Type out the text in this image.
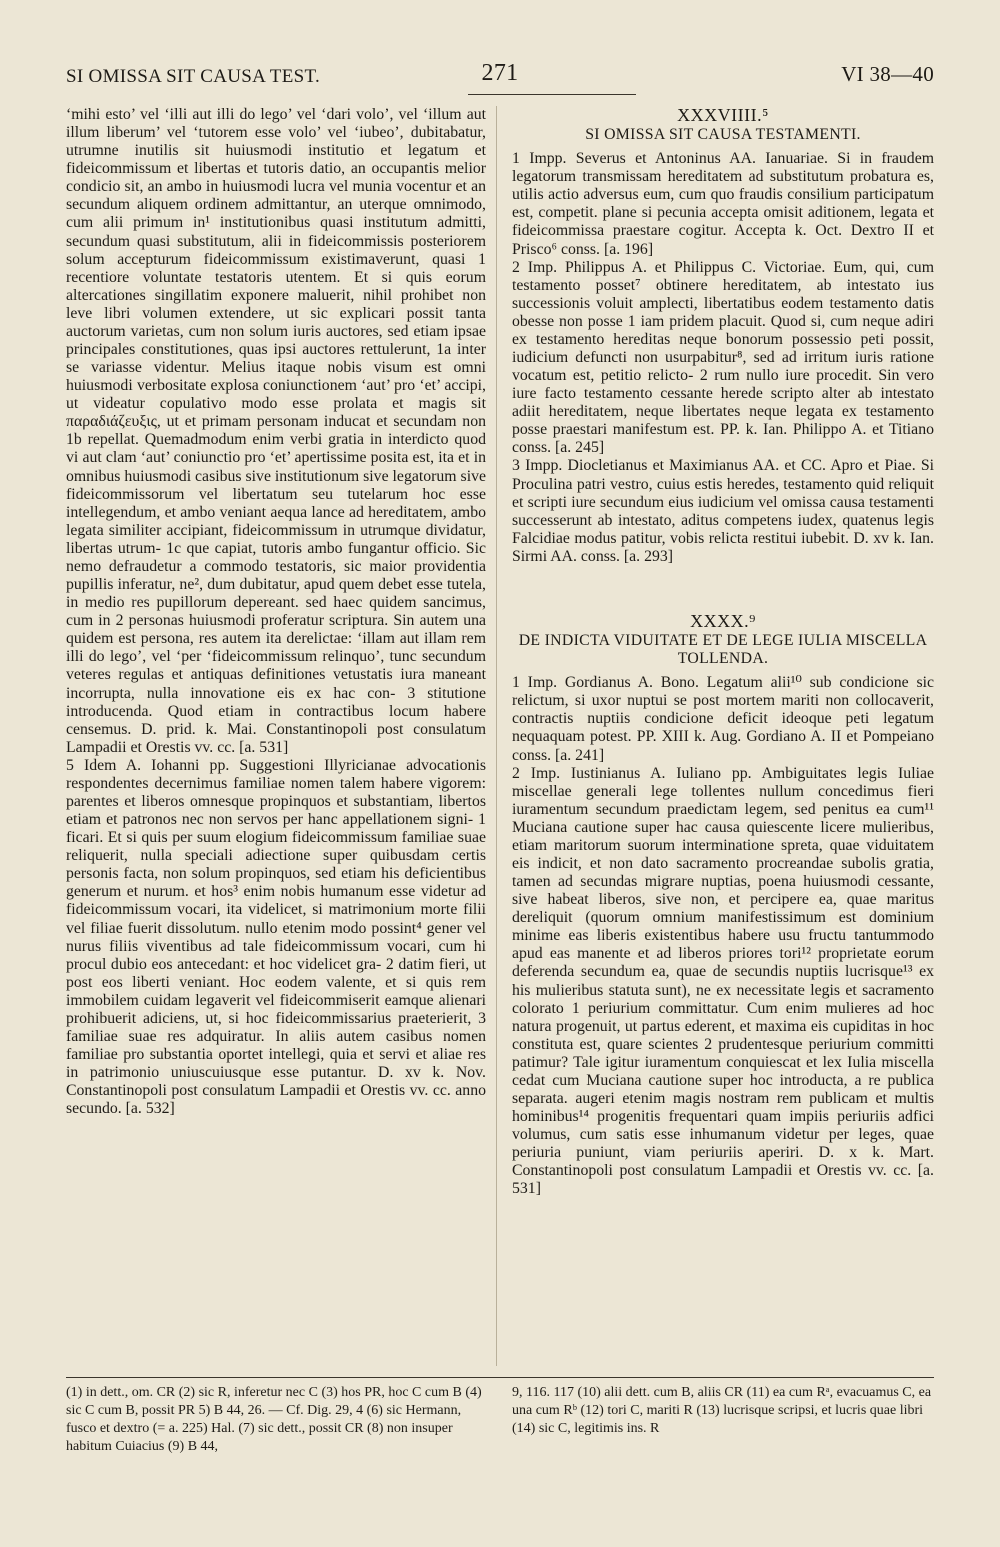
SI OMISSA SIT CAUSA TEST.	271	VI 38—40

‘mihi esto’ vel ‘illi aut illi do lego’ vel ‘dari volo’, vel ‘illum aut illum liberum’ vel ‘tutorem esse volo’ vel ‘iubeo’, dubitabatur, utrumne inutilis sit huiusmodi institutio et legatum et fideicommissum et libertas et tutoris datio, an occupantis melior condicio sit, an ambo in huiusmodi lucra vel munia vocentur et an secundum aliquem ordinem admittantur, an uterque omnimodo, cum alii primum in¹ institutionibus quasi institutum admitti, secundum quasi substitutum, alii in fideicommissis posteriorem solum accepturum fideicommissum existimaverunt, quasi 1 recentiore voluntate testatoris utentem. Et si quis eorum altercationes singillatim exponere maluerit, nihil prohibet non leve libri volumen extendere, ut sic explicari possit tanta auctorum varietas, cum non solum iuris auctores, sed etiam ipsae principales constitutiones, quas ipsi auctores rettulerunt, 1a inter se variasse videntur. Melius itaque nobis visum est omni huiusmodi verbositate explosa coniunctionem ‘aut’ pro ‘et’ accipi, ut videatur copulativo modo esse prolata et magis sit παραδιάζευξις, ut et primam personam inducat et secundam non 1b repellat. Quemadmodum enim verbi gratia in interdicto quod vi aut clam ‘aut’ coniunctio pro ‘et’ apertissime posita est, ita et in omnibus huiusmodi casibus sive institutionum sive legatorum sive fideicommissorum vel libertatum seu tutelarum hoc esse intellegendum, et ambo veniant aequa lance ad hereditatem, ambo legata similiter accipiant, fideicommissum in utrumque dividatur, libertas utrum- 1c que capiat, tutoris ambo fungantur officio. Sic nemo defraudetur a commodo testatoris, sic maior providentia pupillis inferatur, ne², dum dubitatur, apud quem debet esse tutela, in medio res pupillorum depereant. sed haec quidem sancimus, cum in 2 personas huiusmodi proferatur scriptura. Sin autem una quidem est persona, res autem ita derelictae: ‘illam aut illam rem illi do lego’, vel ‘per ‘fideicommissum relinquo’, tunc secundum veteres regulas et antiquas definitiones vetustatis iura maneant incorrupta, nulla innovatione eis ex hac con- 3 stitutione introducenda. Quod etiam in contractibus locum habere censemus. D. prid. k. Mai. Constantinopoli post consulatum Lampadii et Orestis vv. cc. [a. 531]

5 Idem A. Iohanni pp. Suggestioni Illyricianae advocationis respondentes decernimus familiae nomen talem habere vigorem: parentes et liberos omnesque propinquos et substantiam, libertos etiam et patronos nec non servos per hanc appellationem signi- 1 ficari. Et si quis per suum elogium fideicommissum familiae suae reliquerit, nulla speciali adiectione super quibusdam certis personis facta, non solum propinquos, sed etiam his deficientibus generum et nurum. et hos³ enim nobis humanum esse videtur ad fideicommissum vocari, ita videlicet, si matrimonium morte filii vel filiae fuerit dissolutum. nullo etenim modo possint⁴ gener vel nurus filiis viventibus ad tale fideicommissum vocari, cum hi procul dubio eos antecedant: et hoc videlicet gra- 2 datim fieri, ut post eos liberti veniant. Hoc eodem valente, et si quis rem immobilem cuidam legaverit vel fideicommiserit eamque alienari prohibuerit adiciens, ut, si hoc fideicommissarius praeterierit, 3 familiae suae res adquiratur. In aliis autem casibus nomen familiae pro substantia oportet intellegi, quia et servi et aliae res in patrimonio uniuscuiusque esse putantur. D. xv k. Nov. Constantinopoli post consulatum Lampadii et Orestis vv. cc. anno secundo. [a. 532]

XXXVIIII.⁵

SI OMISSA SIT CAUSA TESTAMENTI.

1 Impp. Severus et Antoninus AA. Ianuariae. Si in fraudem legatorum transmissam hereditatem ad substitutum probatura es, utilis actio adversus eum, cum quo fraudis consilium participatum est, competit. plane si pecunia accepta omisit aditionem, legata et fideicommissa praestare cogitur. Accepta k. Oct. Dextro II et Prisco⁶ conss. [a. 196]

2 Imp. Philippus A. et Philippus C. Victoriae. Eum, qui, cum testamento posset⁷ obtinere hereditatem, ab intestato ius successionis voluit amplecti, libertatibus eodem testamento datis obesse non posse 1 iam pridem placuit. Quod si, cum neque adiri ex testamento hereditas neque bonorum possessio peti possit, iudicium defuncti non usurpabitur⁸, sed ad irritum iuris ratione vocatum est, petitio relicto- 2 rum nullo iure procedit. Sin vero iure facto testamento cessante herede scripto alter ab intestato adiit hereditatem, neque libertates neque legata ex testamento posse praestari manifestum est. PP. k. Ian. Philippo A. et Titiano conss. [a. 245]

3 Impp. Diocletianus et Maximianus AA. et CC. Apro et Piae. Si Proculina patri vestro, cuius estis heredes, testamento quid reliquit et scripti iure secundum eius iudicium vel omissa causa testamenti successerunt ab intestato, aditus competens iudex, quatenus legis Falcidiae modus patitur, vobis relicta restitui iubebit. D. xv k. Ian. Sirmi AA. conss. [a. 293]

XXXX.⁹

DE INDICTA VIDUITATE ET DE LEGE IULIA MISCELLA TOLLENDA.

1 Imp. Gordianus A. Bono. Legatum alii¹⁰ sub condicione sic relictum, si uxor nuptui se post mortem mariti non collocaverit, contractis nuptiis condicione deficit ideoque peti legatum nequaquam potest. PP. XIII k. Aug. Gordiano A. II et Pompeiano conss. [a. 241]

2 Imp. Iustinianus A. Iuliano pp. Ambiguitates legis Iuliae miscellae generali lege tollentes nullum concedimus fieri iuramentum secundum praedictam legem, sed penitus ea cum¹¹ Muciana cautione super hac causa quiescente licere mulieribus, etiam maritorum suorum interminatione spreta, quae viduitatem eis indicit, et non dato sacramento procreandae subolis gratia, tamen ad secundas migrare nuptias, poena huiusmodi cessante, sive habeat liberos, sive non, et percipere ea, quae maritus dereliquit (quorum omnium manifestissimum est dominium minime eas liberis existentibus habere usu fructu tantummodo apud eas manente et ad liberos priores tori¹² proprietate eorum deferenda secundum ea, quae de secundis nuptiis lucrisque¹³ ex his mulieribus statuta sunt), ne ex necessitate legis et sacramento colorato 1 periurium committatur. Cum enim mulieres ad hoc natura progenuit, ut partus ederent, et maxima eis cupiditas in hoc constituta est, quare scientes 2 prudentesque periurium committi patimur? Tale igitur iuramentum conquiescat et lex Iulia miscella cedat cum Muciana cautione super hoc introducta, a re publica separata. augeri etenim magis nostram rem publicam et multis hominibus¹⁴ progenitis frequentari quam impiis periuriis adfici volumus, cum satis esse inhumanum videtur per leges, quae periuria puniunt, viam periuriis aperiri. D. x k. Mart. Constantinopoli post consulatum Lampadii et Orestis vv. cc. [a. 531]

(1) in dett., om. CR (2) sic R, inferetur nec C (3) hos PR, hoc C cum B (4) sic C cum B, possit PR 5) B 44, 26. — Cf. Dig. 29, 4 (6) sic Hermann, fusco et dextro (= a. 225) Hal. (7) sic dett., possit CR (8) non insuper habitum Cuiacius (9) B 44,

9, 116. 117 (10) alii dett. cum B, aliis CR (11) ea cum Rᵃ, evacuamus C, ea una cum Rᵇ (12) tori C, mariti R (13) lucrisque scripsi, et lucris quae libri (14) sic C, legitimis ins. R
